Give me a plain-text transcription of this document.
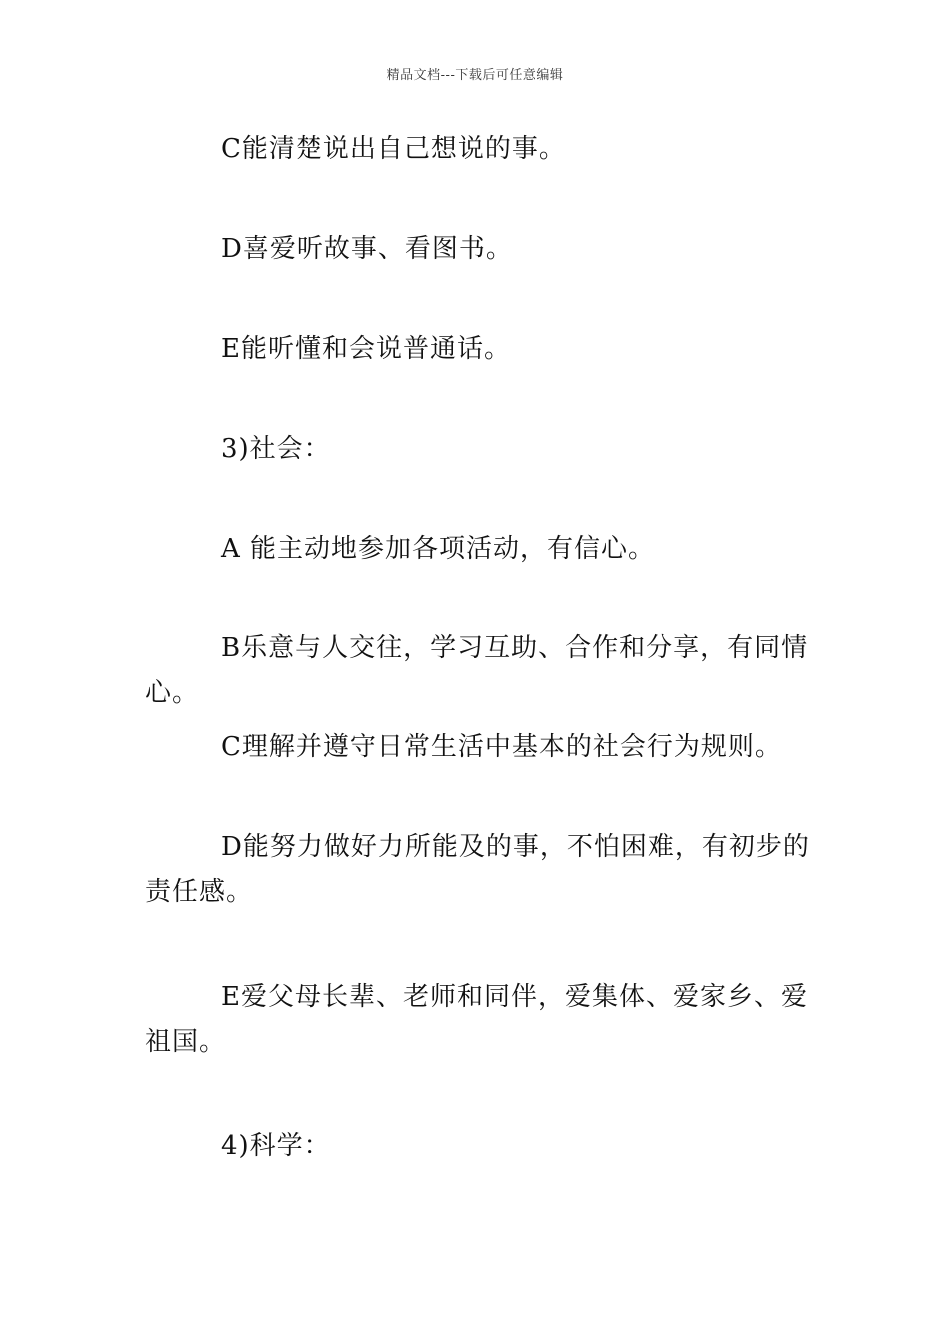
精品文档---下载后可任意编辑

C能清楚说出自己想说的事。

D喜爱听故事、看图书。

E能听懂和会说普通话。

3)社会：

A 能主动地参加各项活动，有信心。

B乐意与人交往，学习互助、合作和分享，有同情心。

C理解并遵守日常生活中基本的社会行为规则。

D能努力做好力所能及的事，不怕困难，有初步的责任感。

E爱父母长辈、老师和同伴，爱集体、爱家乡、爱祖国。

4)科学：
